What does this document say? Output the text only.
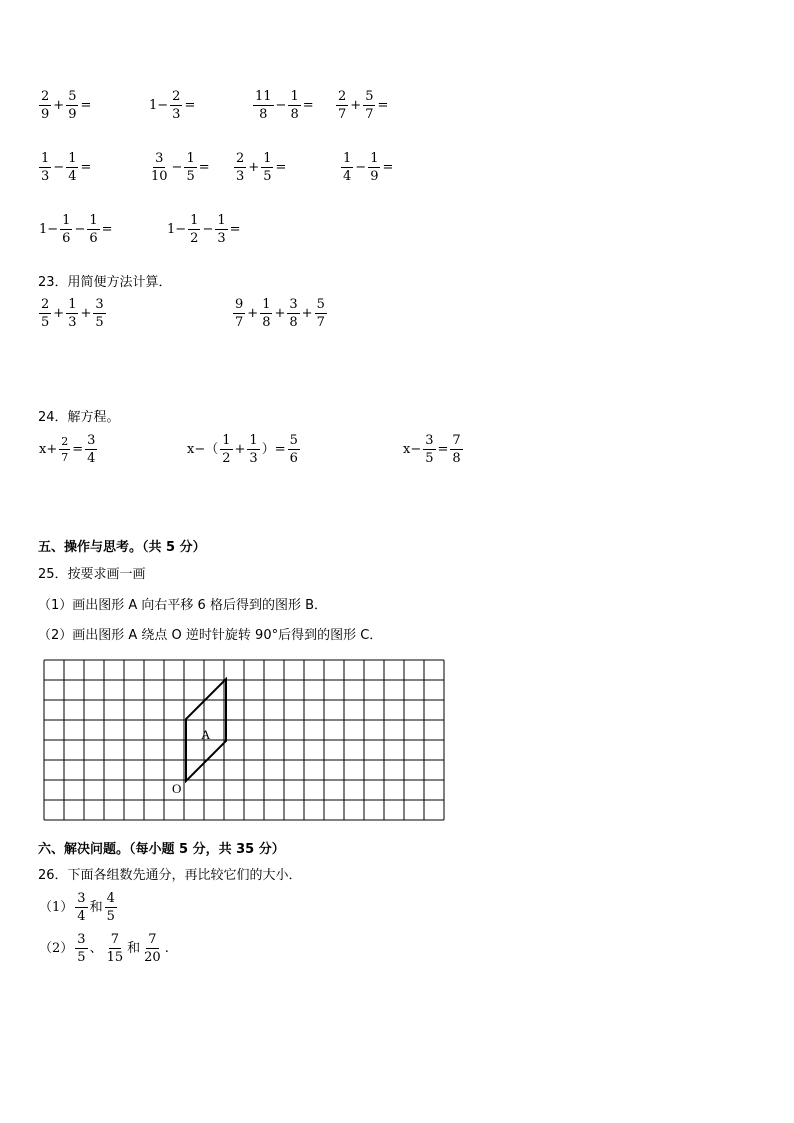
$\frac{2}{9} + \frac{5}{9}$ =	$1- \frac{2}{3}$ =	$\frac{11}{8} - \frac{1}{8} = \frac{2}{7} + \frac{5}{7}$ =
$\frac{1}{3} - \frac{1}{4}$ =	$\frac{3}{10} - \frac{1}{5} = \frac{2}{3} + \frac{1}{5}$ =	$\frac{1}{4} - \frac{1}{9}$ =
$1- \frac{1}{6} - \frac{1}{6}$ =	$1- \frac{1}{2} - \frac{1}{3}$ =
23．用简便方法计算．
$\frac{2}{5} + \frac{1}{3} + \frac{3}{5}$	$\frac{9}{7} + \frac{1}{8} + \frac{3}{8} + \frac{5}{7}$
24．解方程。
$x+ \frac{2}{7} = \frac{3}{4}$	$x-( \frac{1}{2} + \frac{1}{3}$ ）= $\frac{5}{6}$	$x- \frac{3}{5} = \frac{7}{8}$
五、操作与思考。（共 5 分）
25．按要求画一画
（1）画出图形 A 向右平移 6 格后得到的图形 B．
（2）画出图形 A 绕点 O 逆时针旋转 90°后得到的图形 C．
A
O
六、解决问题。（每小题 5 分，共 35 分）
26．下面各组数先通分，再比较它们的大小．
$(1) \frac{3}{4}$ 和 $\frac{4}{5}$
$(2) \frac{3}{5}$ 、 $\frac{7}{15}$ 和 $\frac{7}{20}$ .
